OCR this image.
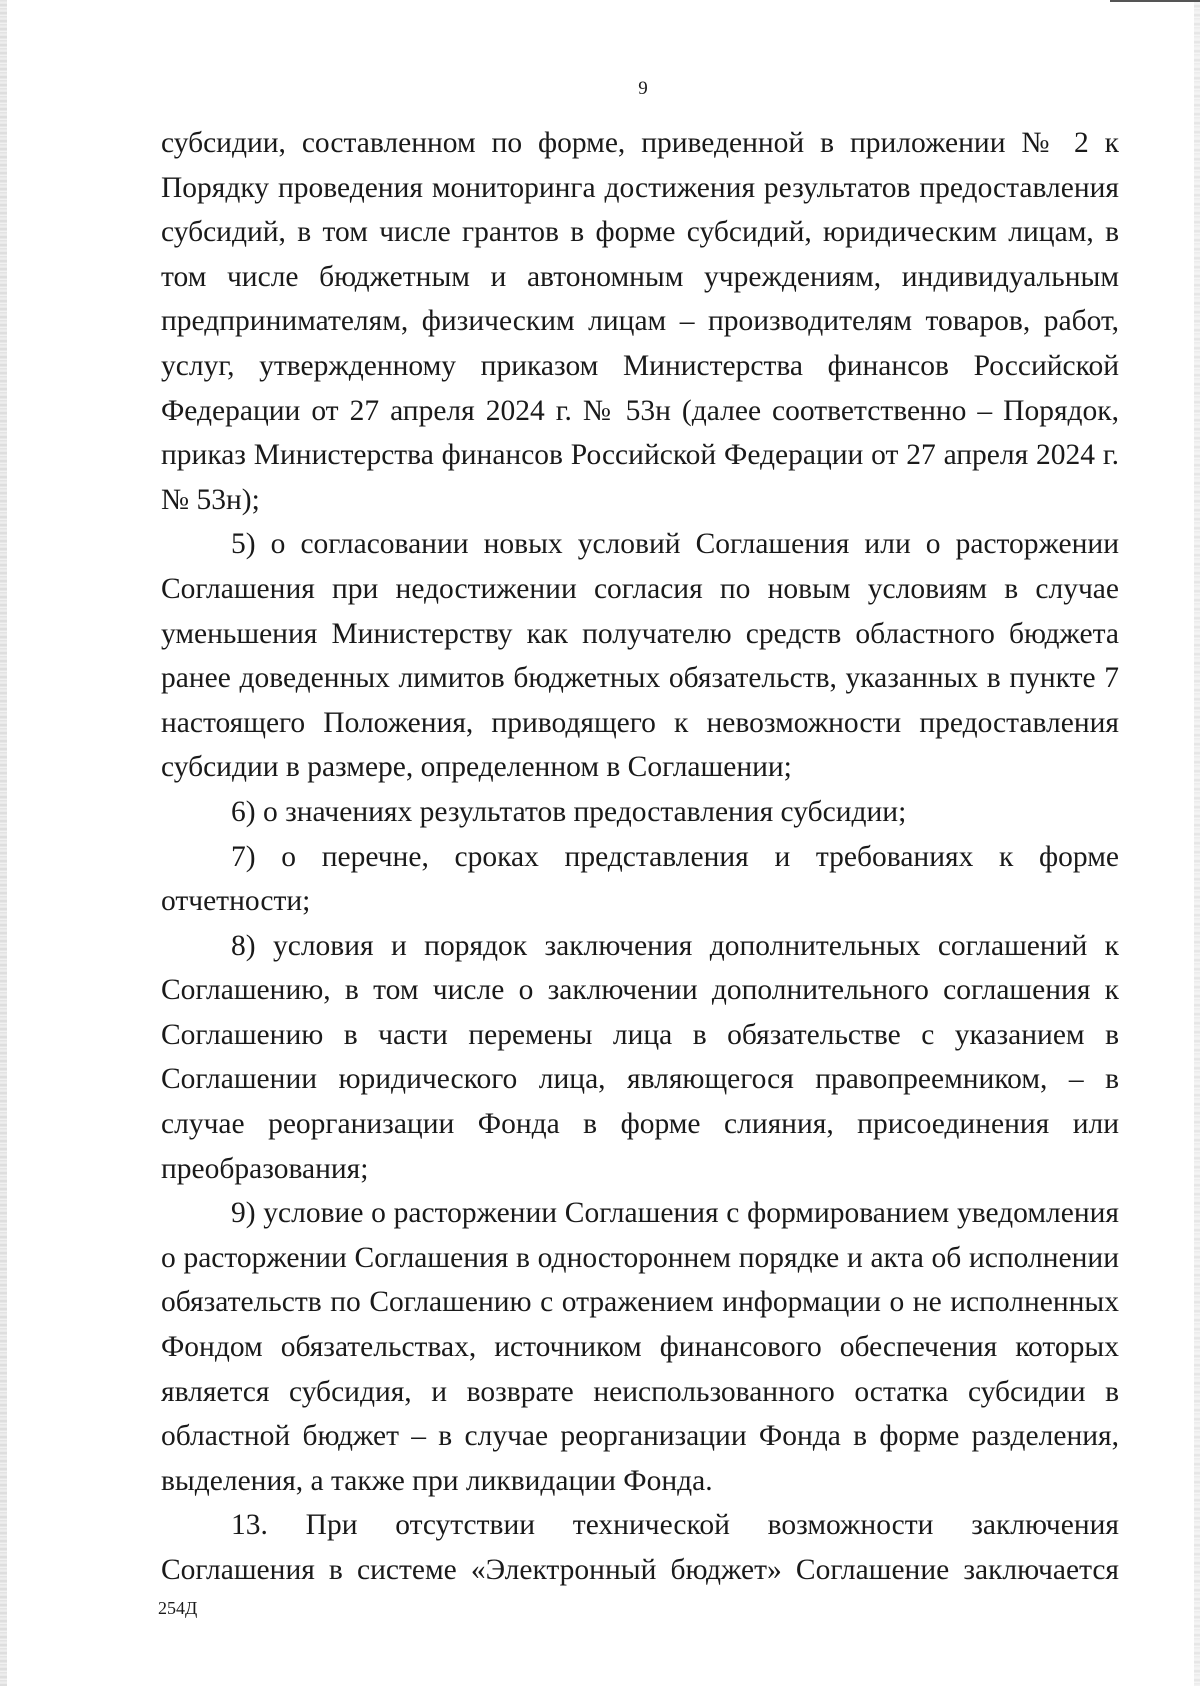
9

субсидии, составленном по форме, приведенной в приложении № 2 к Порядку проведения мониторинга достижения результатов предоставления субсидий, в том числе грантов в форме субсидий, юридическим лицам, в том числе бюджетным и автономным учреждениям, индивидуальным предпринимателям, физическим лицам – производителям товаров, работ, услуг, утвержденному приказом Министерства финансов Российской Федерации от 27 апреля 2024 г. № 53н (далее соответственно – Порядок, приказ Министерства финансов Российской Федерации от 27 апреля 2024 г. № 53н);

5) о согласовании новых условий Соглашения или о расторжении Соглашения при недостижении согласия по новым условиям в случае уменьшения Министерству как получателю средств областного бюджета ранее доведенных лимитов бюджетных обязательств, указанных в пункте 7 настоящего Положения, приводящего к невозможности предоставления субсидии в размере, определенном в Соглашении;

6) о значениях результатов предоставления субсидии;

7) о перечне, сроках представления и требованиях к форме отчетности;

8) условия и порядок заключения дополнительных соглашений к Соглашению, в том числе о заключении дополнительного соглашения к Соглашению в части перемены лица в обязательстве с указанием в Соглашении юридического лица, являющегося правопреемником, – в случае реорганизации Фонда в форме слияния, присоединения или преобразования;

9) условие о расторжении Соглашения с формированием уведомления о расторжении Соглашения в одностороннем порядке и акта об исполнении обязательств по Соглашению с отражением информации о не исполненных Фондом обязательствах, источником финансового обеспечения которых является субсидия, и возврате неиспользованного остатка субсидии в областной бюджет – в случае реорганизации Фонда в форме разделения, выделения, а также при ликвидации Фонда.

13. При отсутствии технической возможности заключения Соглашения в системе «Электронный бюджет» Соглашение заключается

254Д
